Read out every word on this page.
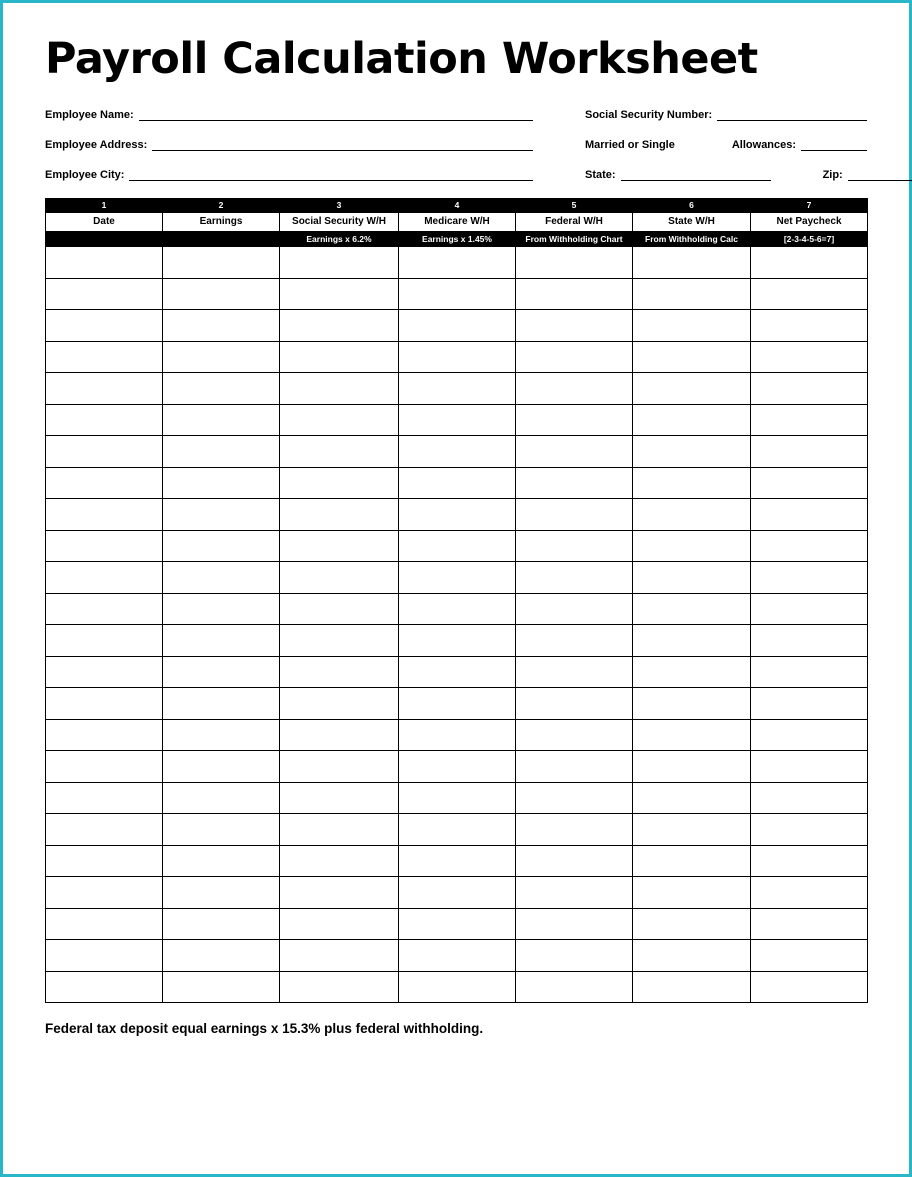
Payroll Calculation Worksheet
Employee Name:	Social Security Number:
Employee Address:	Married or Single	Allowances:
Employee City:	State:	Zip:
1	2	3	4	5	6	7
Date	Earnings	Social Security W/H	Medicare W/H	Federal W/H	State W/H	Net Paycheck
		Earnings x 6.2%	Earnings x 1.45%	From Withholding Chart	From Withholding Calc	[2-3-4-5-6=7]

Federal tax deposit equal earnings x 15.3% plus federal withholding.
